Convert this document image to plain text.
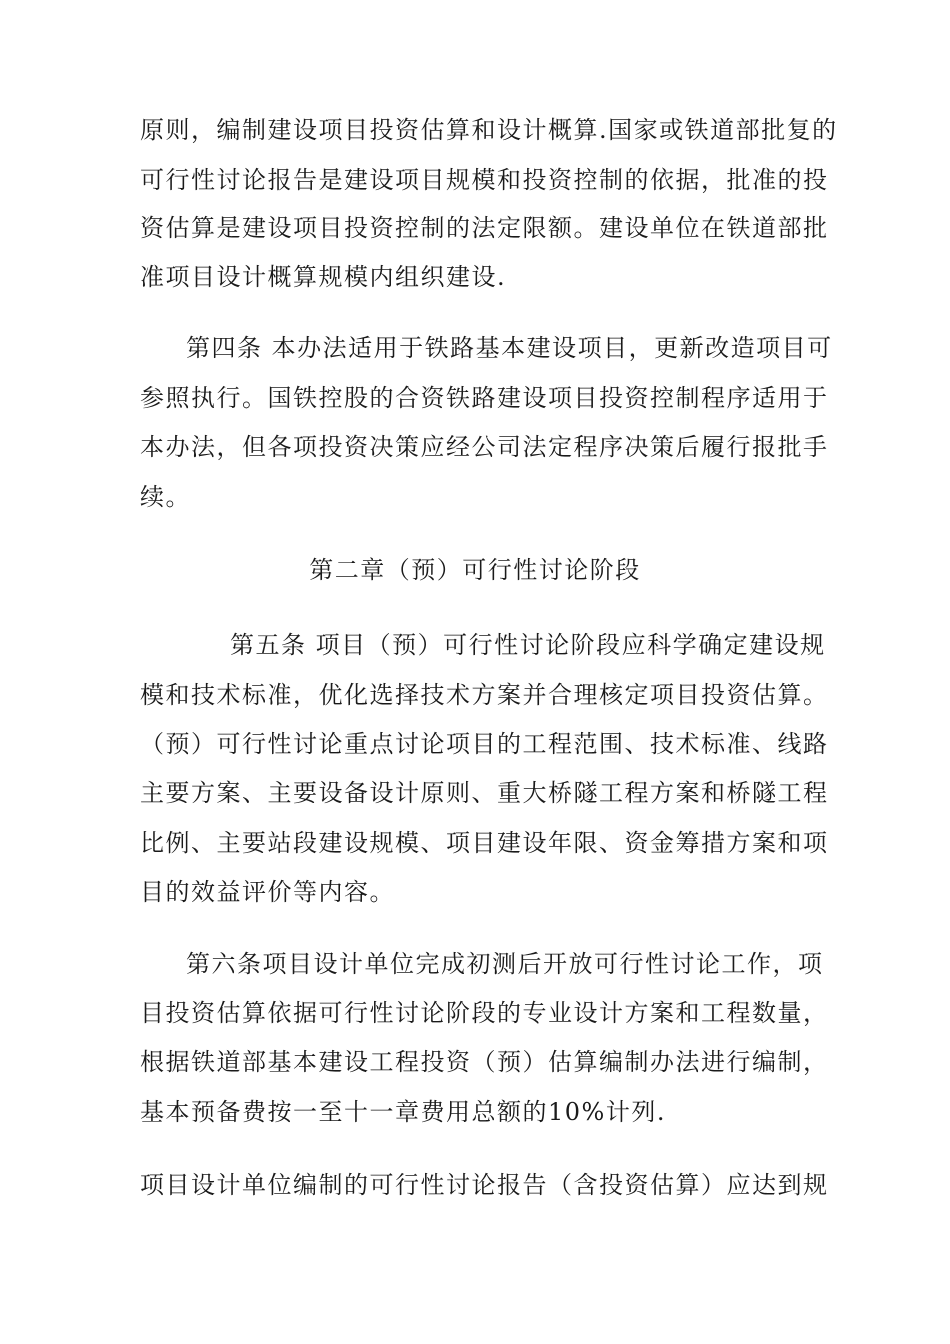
原则，编制建设项目投资估算和设计概算.国家或铁道部批复的

可行性讨论报告是建设项目规模和投资控制的依据，批准的投

资估算是建设项目投资控制的法定限额。建设单位在铁道部批

准项目设计概算规模内组织建设.

第四条 本办法适用于铁路基本建设项目，更新改造项目可

参照执行。国铁控股的合资铁路建设项目投资控制程序适用于

本办法，但各项投资决策应经公司法定程序决策后履行报批手

续。

第二章（预）可行性讨论阶段

第五条 项目（预）可行性讨论阶段应科学确定建设规

模和技术标准，优化选择技术方案并合理核定项目投资估算。

（预）可行性讨论重点讨论项目的工程范围、技术标准、线路

主要方案、主要设备设计原则、重大桥隧工程方案和桥隧工程

比例、主要站段建设规模、项目建设年限、资金筹措方案和项

目的效益评价等内容。

第六条项目设计单位完成初测后开放可行性讨论工作，项

目投资估算依据可行性讨论阶段的专业设计方案和工程数量，

根据铁道部基本建设工程投资（预）估算编制办法进行编制，

基本预备费按一至十一章费用总额的10%计列.

项目设计单位编制的可行性讨论报告（含投资估算）应达到规
